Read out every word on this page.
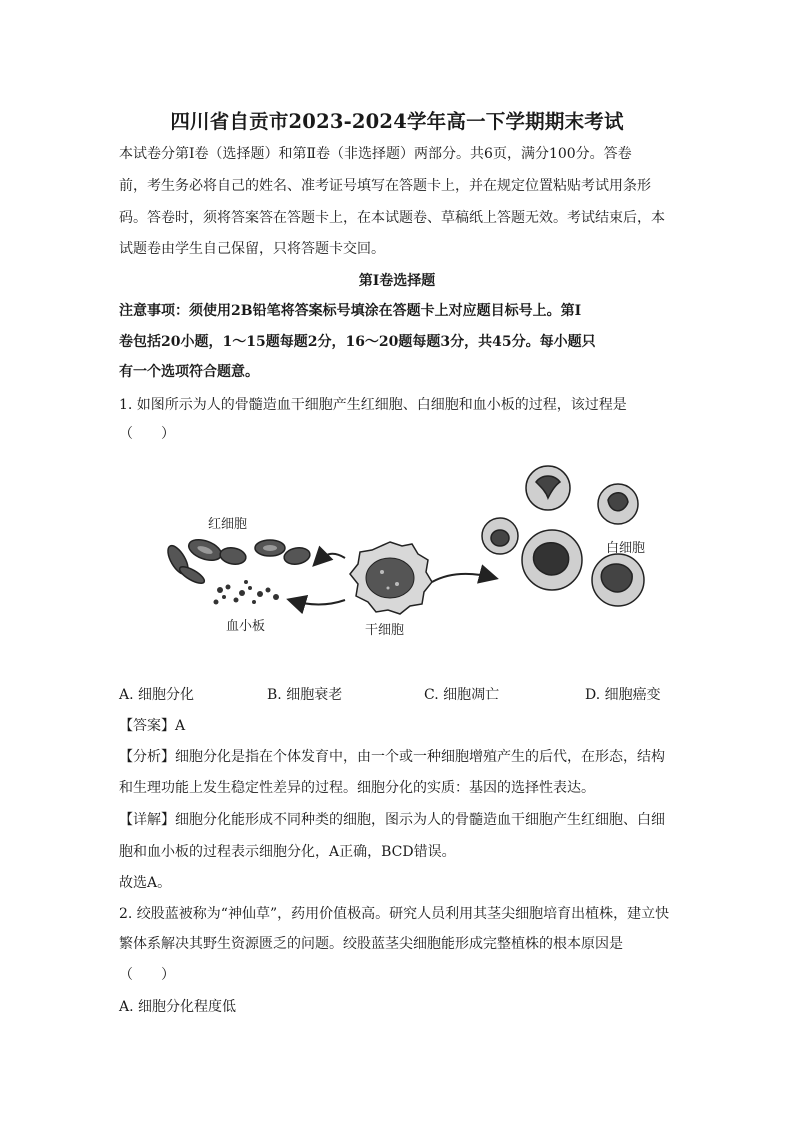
四川省自贡市2023-2024学年高一下学期期末考试
本试卷分第Ⅰ卷（选择题）和第Ⅱ卷（非选择题）两部分。共6页，满分100分。答卷
前，考生务必将自己的姓名、准考证号填写在答题卡上，并在规定位置粘贴考试用条形
码。答卷时，须将答案答在答题卡上，在本试题卷、草稿纸上答题无效。考试结束后，本
试题卷由学生自己保留，只将答题卡交回。
第Ⅰ卷选择题
注意事项：须使用2B铅笔将答案标号填涂在答题卡上对应题目标号上。第Ⅰ
卷包括20小题，1～15题每题2分，16～20题每题3分，共45分。每小题只
有一个选项符合题意。
1. 如图所示为人的骨髓造血干细胞产生红细胞、白细胞和血小板的过程，该过程是
（　　）
红细胞
血小板	干细胞
白细胞
A. 细胞分化	B. 细胞衰老	C. 细胞凋亡	D. 细胞癌变
【答案】A
【分析】细胞分化是指在个体发育中，由一个或一种细胞增殖产生的后代，在形态，结构
和生理功能上发生稳定性差异的过程。细胞分化的实质：基因的选择性表达。
【详解】细胞分化能形成不同种类的细胞，图示为人的骨髓造血干细胞产生红细胞、白细
胞和血小板的过程表示细胞分化，A正确，BCD错误。
故选A。
2. 绞股蓝被称为“神仙草”，药用价值极高。研究人员利用其茎尖细胞培育出植株，建立快
繁体系解决其野生资源匮乏的问题。绞股蓝茎尖细胞能形成完整植株的根本原因是
（　　）
A. 细胞分化程度低
